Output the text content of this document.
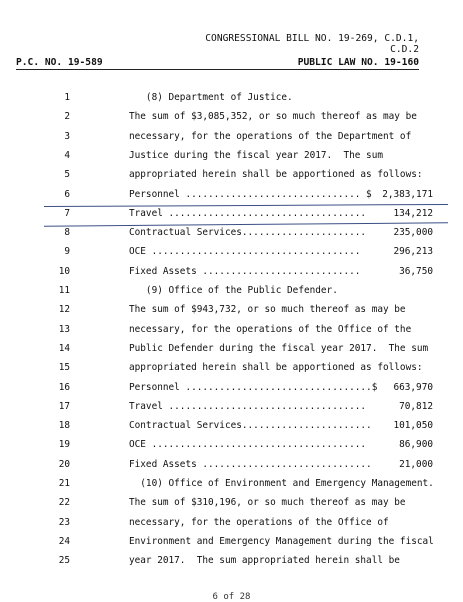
CONGRESSIONAL BILL NO. 19-269, C.D.1,
C.D.2
P.C. NO. 19-589	PUBLIC LAW NO. 19-160
1	(8) Department of Justice.
2	The sum of $3,085,352, or so much thereof as may be
3	necessary, for the operations of the Department of
4	Justice during the fiscal year 2017.  The sum
5	appropriated herein shall be apportioned as follows:
6	Personnel ............................... $ 2,383,171
7	Travel ...................................	134,212
8	Contractual Services......................	235,000
9	OCE .....................................	296,213
10	Fixed Assets ............................	36,750
11	(9) Office of the Public Defender.
12	The sum of $943,732, or so much thereof as may be
13	necessary, for the operations of the Office of the
14	Public Defender during the fiscal year 2017.  The sum
15	appropriated herein shall be apportioned as follows:
16	Personnel .................................$ 663,970
17	Travel ...................................	70,812
18	Contractual Services....................... 101,050
19	OCE ......................................	86,900
20	Fixed Assets ..............................	21,000
21	(10) Office of Environment and Emergency Management.
22	The sum of $310,196, or so much thereof as may be
23	necessary, for the operations of the Office of
24	Environment and Emergency Management during the fiscal
25	year 2017.  The sum appropriated herein shall be
6 of 28
